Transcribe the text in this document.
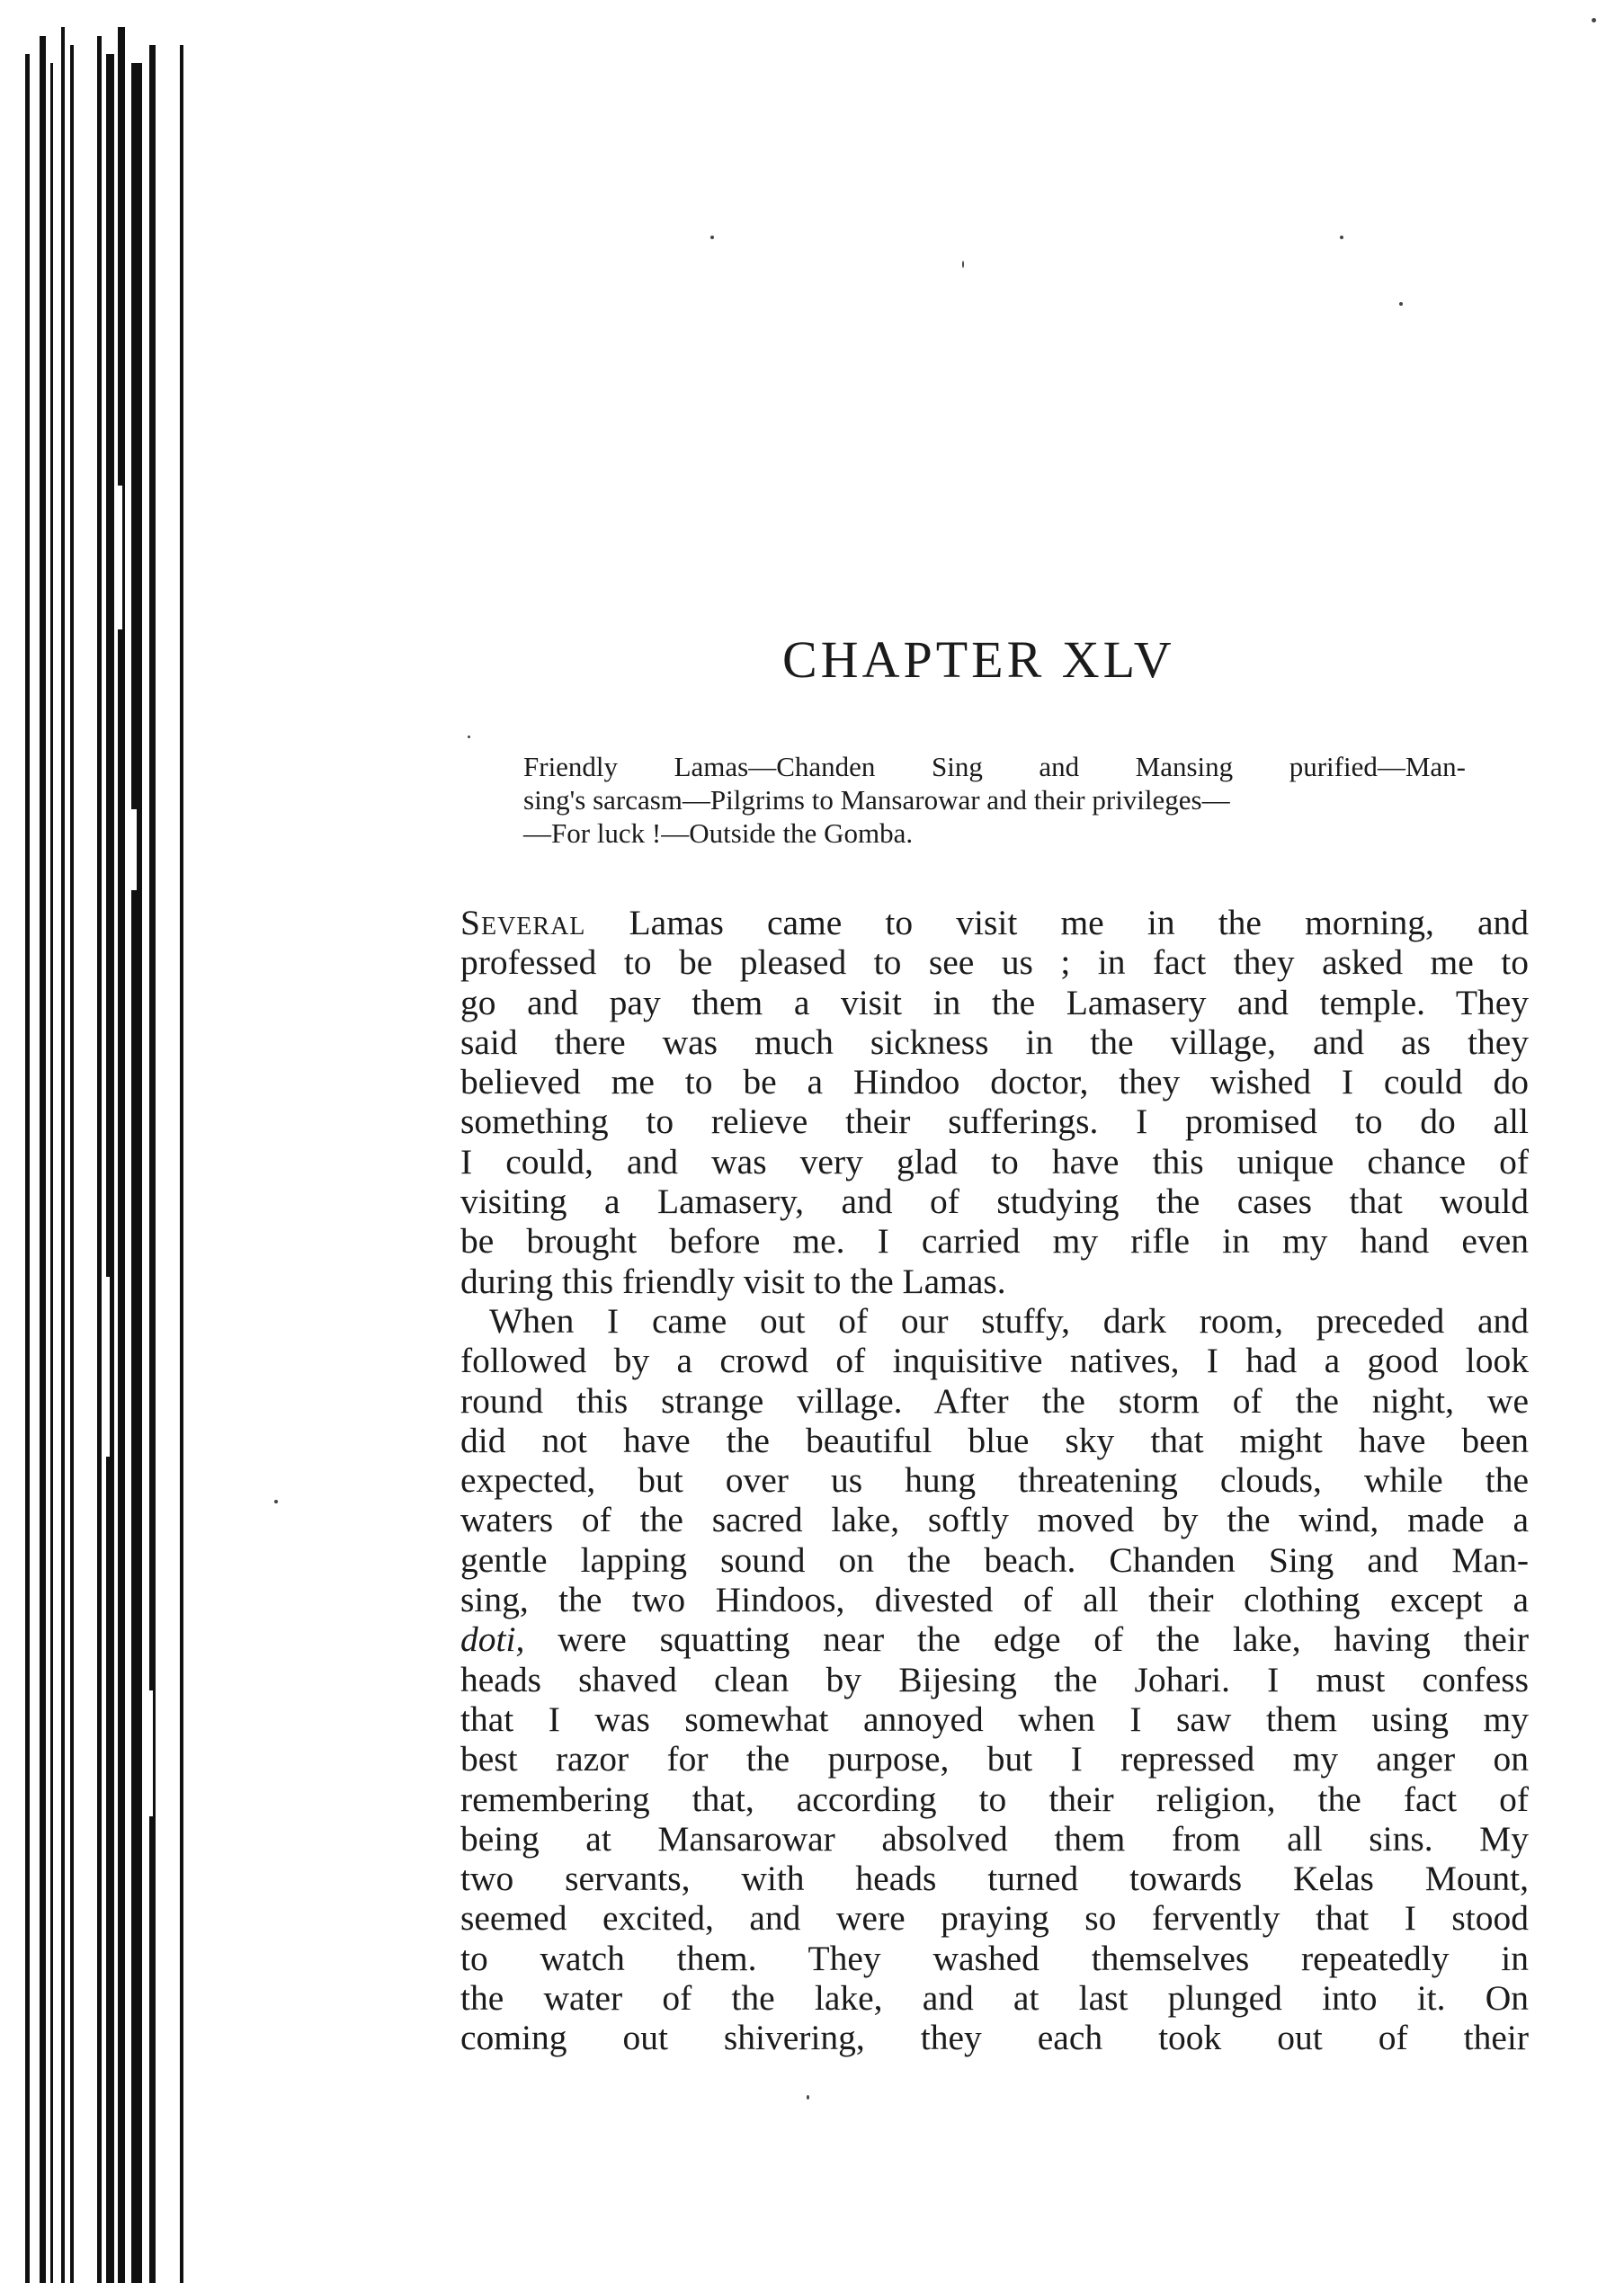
CHAPTER XLV

Friendly Lamas—Chanden Sing and Mansing purified—Man-
sing's sarcasm—Pilgrims to Mansarowar and their privileges—
—For luck !—Outside the Gomba.

Several Lamas came to visit me in the morning, and
professed to be pleased to see us ; in fact they asked me to
go and pay them a visit in the Lamasery and temple. They
said there was much sickness in the village, and as they
believed me to be a Hindoo doctor, they wished I could do
something to relieve their sufferings. I promised to do all
I could, and was very glad to have this unique chance of
visiting a Lamasery, and of studying the cases that would
be brought before me. I carried my rifle in my hand even
during this friendly visit to the Lamas.
When I came out of our stuffy, dark room, preceded and
followed by a crowd of inquisitive natives, I had a good look
round this strange village. After the storm of the night, we
did not have the beautiful blue sky that might have been
expected, but over us hung threatening clouds, while the
waters of the sacred lake, softly moved by the wind, made a
gentle lapping sound on the beach. Chanden Sing and Man-
sing, the two Hindoos, divested of all their clothing except a
doti, were squatting near the edge of the lake, having their
heads shaved clean by Bijesing the Johari. I must confess
that I was somewhat annoyed when I saw them using my
best razor for the purpose, but I repressed my anger on
remembering that, according to their religion, the fact of
being at Mansarowar absolved them from all sins. My
two servants, with heads turned towards Kelas Mount,
seemed excited, and were praying so fervently that I stood
to watch them. They washed themselves repeatedly in
the water of the lake, and at last plunged into it. On
coming out shivering, they each took out of their
